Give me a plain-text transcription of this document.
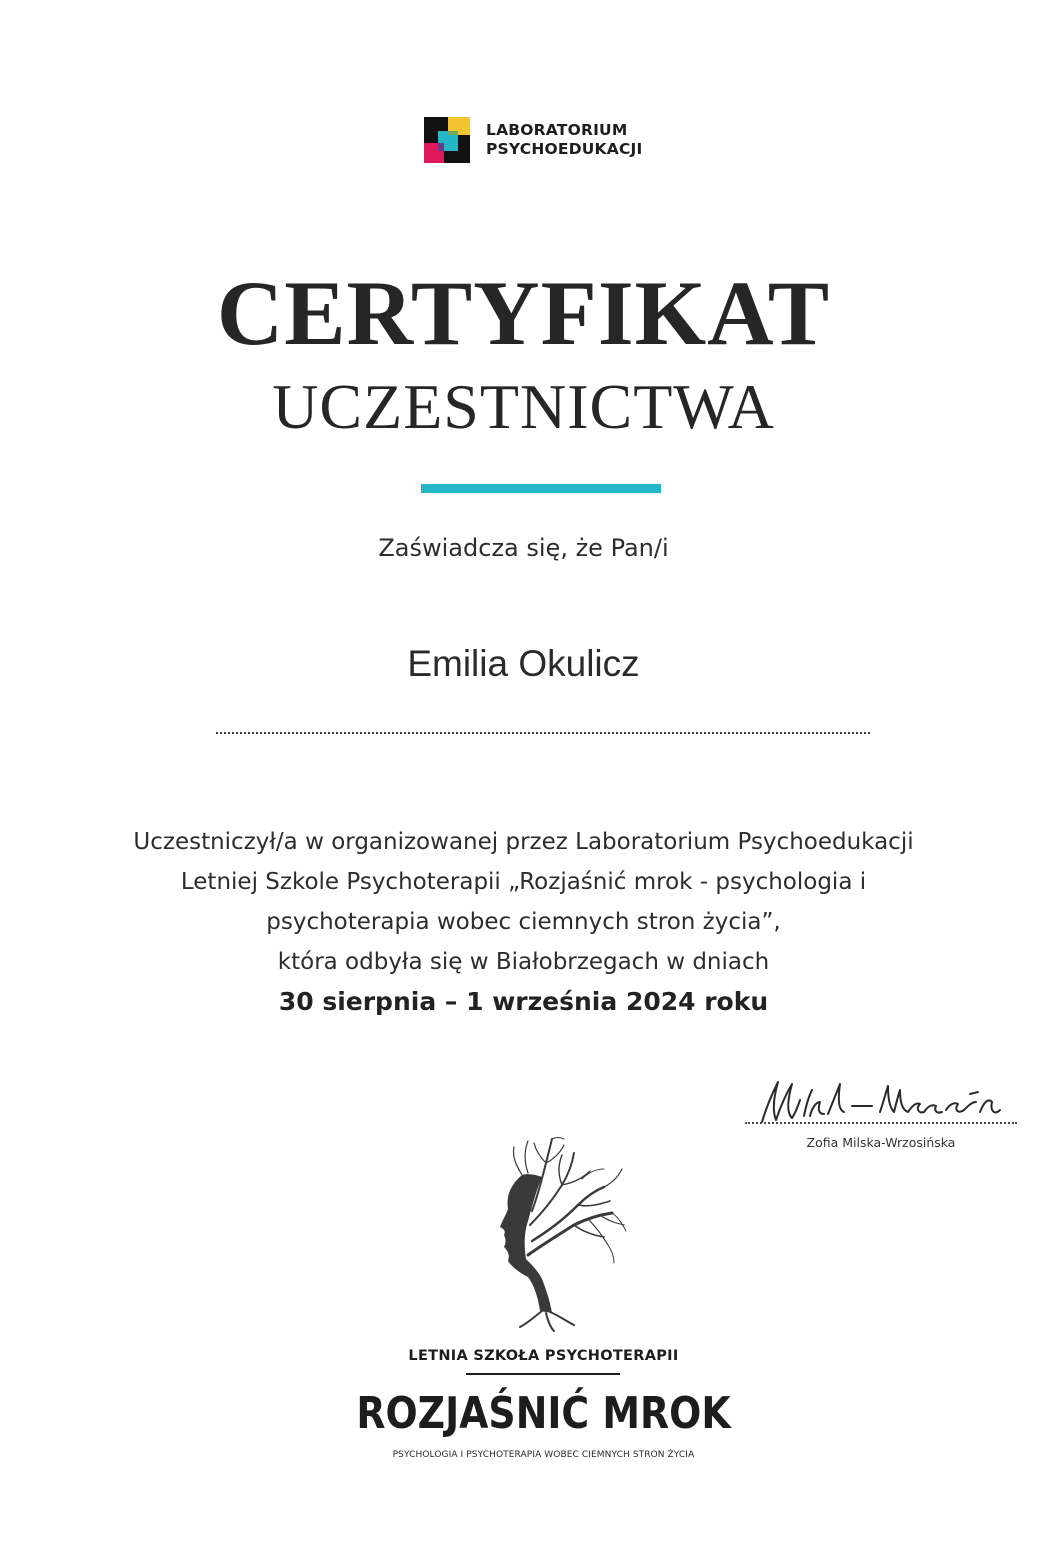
LABORATORIUM
PSYCHOEDUKACJI
CERTYFIKAT
UCZESTNICTWA
Zaświadcza się, że Pan/i
Emilia Okulicz
Uczestniczył/a w organizowanej przez Laboratorium Psychoedukacji
Letniej Szkole Psychoterapii „Rozjaśnić mrok - psychologia i
psychoterapia wobec ciemnych stron życia”,
która odbyła się w Białobrzegach w dniach
30 sierpnia – 1 września 2024 roku
Zofia Milska-Wrzosińska
LETNIA SZKOŁA PSYCHOTERAPII
ROZJAŚNIĆ MROK
PSYCHOLOGIA I PSYCHOTERAPIA WOBEC CIEMNYCH STRON ŻYCIA
